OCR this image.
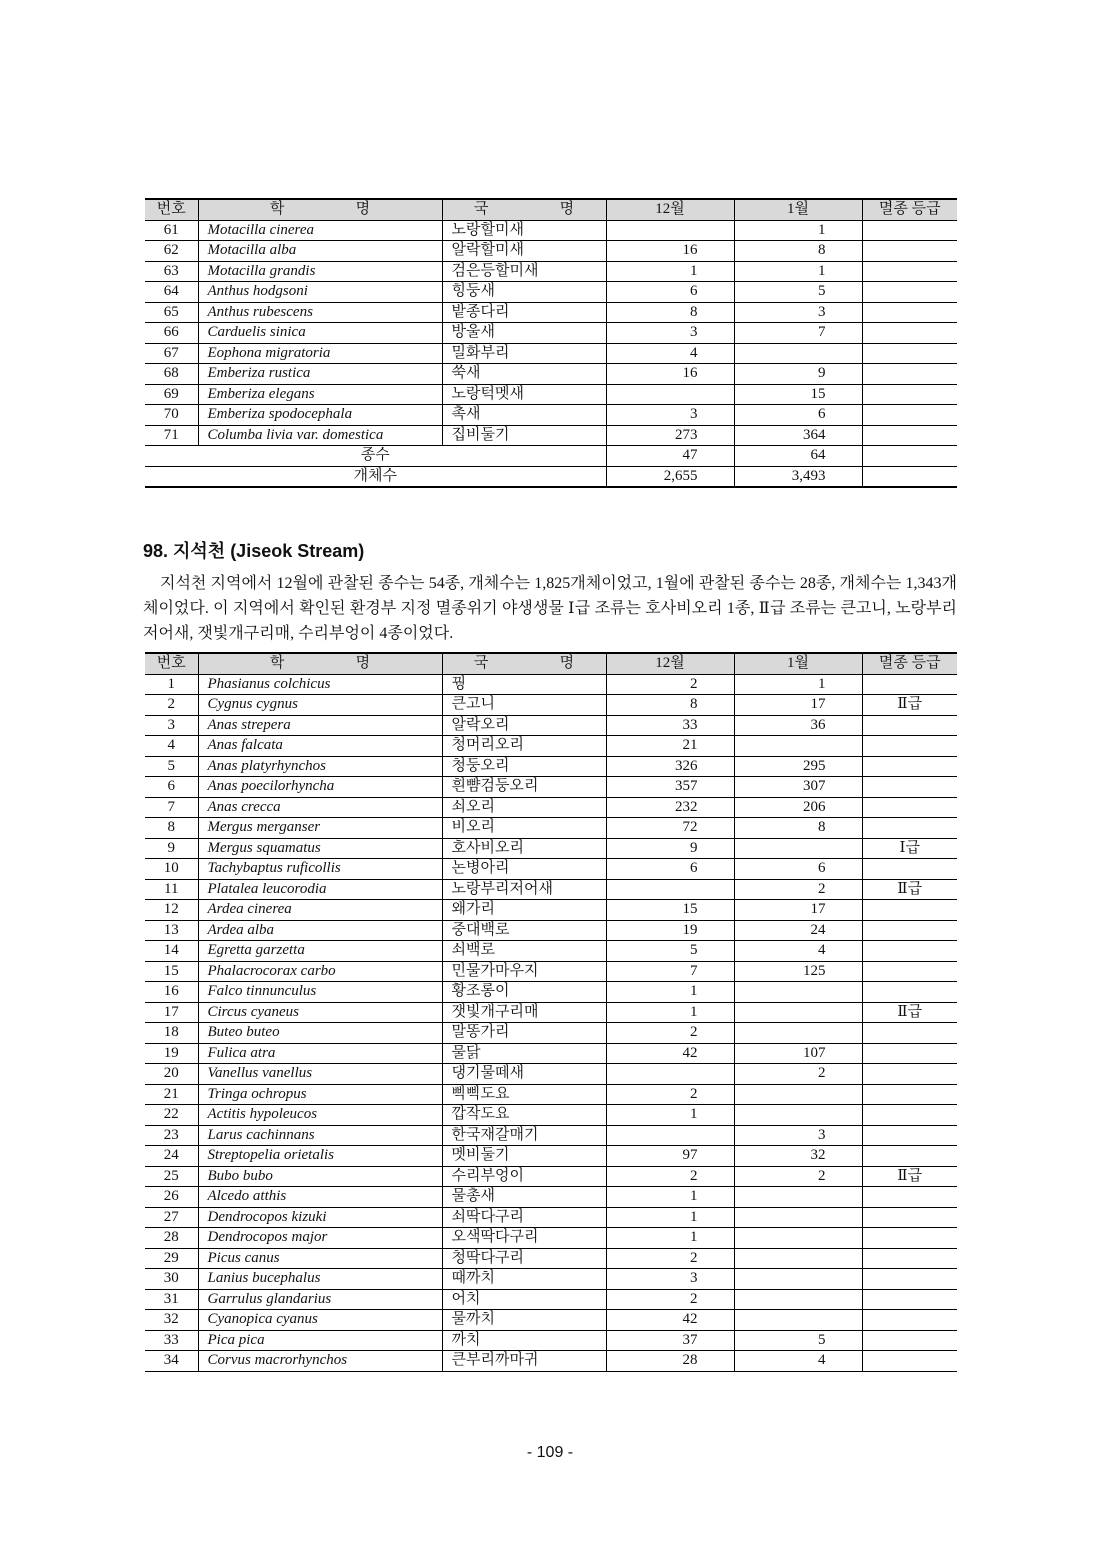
번호	학 명	국 명	12월	1월	멸종 등급
61	Motacilla cinerea	노랑할미새		1	
62	Motacilla alba	알락할미새	16	8	
63	Motacilla grandis	검은등할미새	1	1	
64	Anthus hodgsoni	힝둥새	6	5	
65	Anthus rubescens	밭종다리	8	3	
66	Carduelis sinica	방울새	3	7	
67	Eophona migratoria	밀화부리	4		
68	Emberiza rustica	쑥새	16	9	
69	Emberiza elegans	노랑턱멧새		15	
70	Emberiza spodocephala	촉새	3	6	
71	Columba livia var. domestica	집비둘기	273	364	
종수			47	64	
개체수			2,655	3,493	
98. 지석천 (Jiseok Stream)

지석천 지역에서 12월에 관찰된 종수는 54종, 개체수는 1,825개체이었고, 1월에 관찰된 종수는 28종, 개체수는 1,343개체이었다. 이 지역에서 확인된 환경부 지정 멸종위기 야생생물 Ⅰ급 조류는 호사비오리 1종, Ⅱ급 조류는 큰고니, 노랑부리저어새, 잿빛개구리매, 수리부엉이 4종이었다.

번호	학 명	국 명	12월	1월	멸종 등급
1	Phasianus colchicus	꿩	2	1	
2	Cygnus cygnus	큰고니	8	17	Ⅱ급
3	Anas strepera	알락오리	33	36	
4	Anas falcata	청머리오리	21		
5	Anas platyrhynchos	청둥오리	326	295	
6	Anas poecilorhyncha	흰뺨검둥오리	357	307	
7	Anas crecca	쇠오리	232	206	
8	Mergus merganser	비오리	72	8	
9	Mergus squamatus	호사비오리	9		Ⅰ급
10	Tachybaptus ruficollis	논병아리	6	6	
11	Platalea leucorodia	노랑부리저어새		2	Ⅱ급
12	Ardea cinerea	왜가리	15	17	
13	Ardea alba	중대백로	19	24	
14	Egretta garzetta	쇠백로	5	4	
15	Phalacrocorax carbo	민물가마우지	7	125	
16	Falco tinnunculus	황조롱이	1		
17	Circus cyaneus	잿빛개구리매	1		Ⅱ급
18	Buteo buteo	말똥가리	2		
19	Fulica atra	물닭	42	107	
20	Vanellus vanellus	댕기물떼새		2	
21	Tringa ochropus	삑삑도요	2		
22	Actitis hypoleucos	깝작도요	1		
23	Larus cachinnans	한국재갈매기		3	
24	Streptopelia orietalis	멧비둘기	97	32	
25	Bubo bubo	수리부엉이	2	2	Ⅱ급
26	Alcedo atthis	물총새	1		
27	Dendrocopos kizuki	쇠딱다구리	1		
28	Dendrocopos major	오색딱다구리	1		
29	Picus canus	청딱다구리	2		
30	Lanius bucephalus	때까치	3		
31	Garrulus glandarius	어치	2		
32	Cyanopica cyanus	물까치	42		
33	Pica pica	까치	37	5	
34	Corvus macrorhynchos	큰부리까마귀	28	4	
- 109 -
